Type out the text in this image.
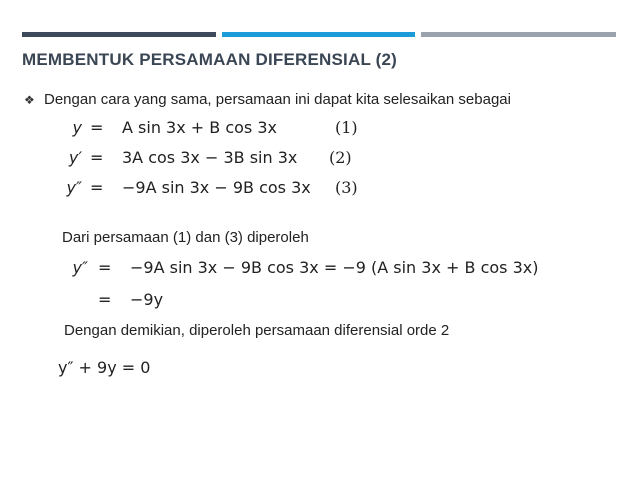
MEMBENTUK PERSAMAAN DIFERENSIAL (2)
❖ Dengan cara yang sama, persamaan ini dapat kita selesaikan sebagai
y = A sin 3x + B cos 3x	(1)
y′ = 3A cos 3x − 3B sin 3x (2)
y″ = −9A sin 3x − 9B cos 3x (3)
Dari persamaan (1) dan (3) diperoleh
y″ = −9A sin 3x − 9B cos 3x = −9 (A sin 3x + B cos 3x)
= −9y
Dengan demikian, diperoleh persamaan diferensial orde 2
y″ + 9y = 0
